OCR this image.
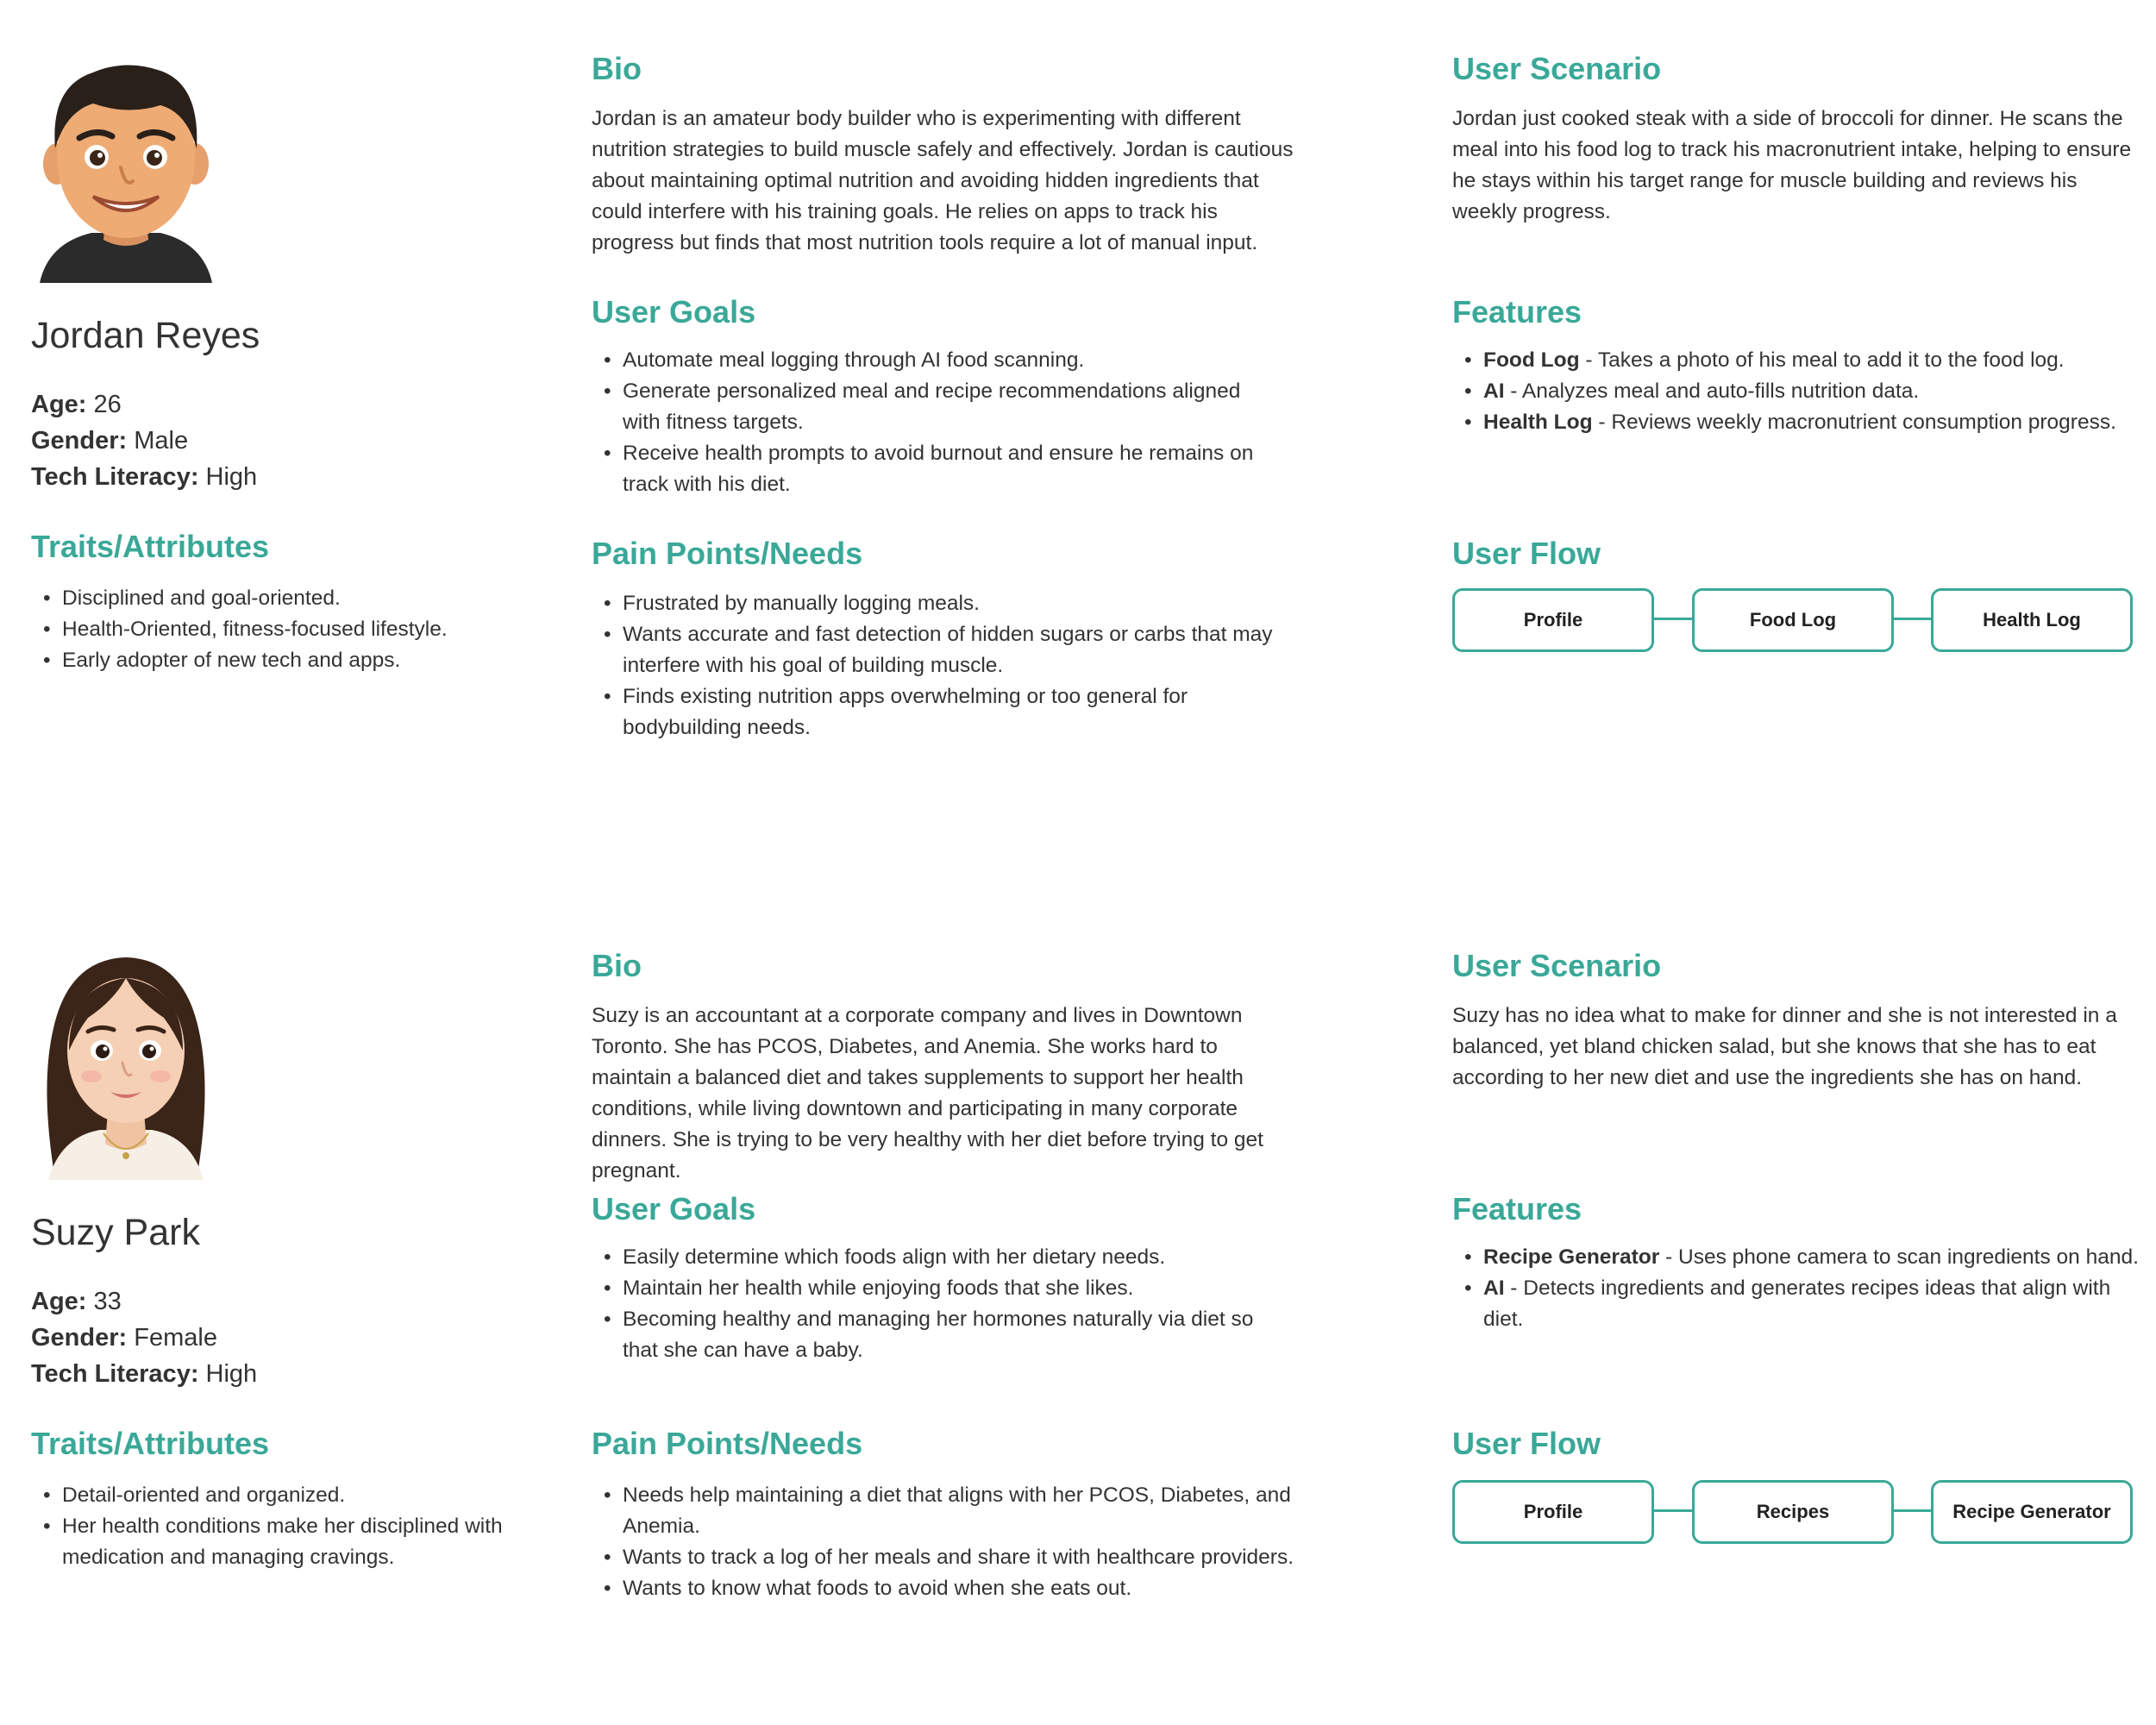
Jordan Reyes
Age: 26
Gender: Male
Tech Literacy: High
Traits/Attributes
• Disciplined and goal-oriented.
• Health-Oriented, fitness-focused lifestyle.
• Early adopter of new tech and apps.
Bio

Jordan is an amateur body builder who is experimenting with different nutrition strategies to build muscle safely and effectively. Jordan is cautious about maintaining optimal nutrition and avoiding hidden ingredients that could interfere with his training goals. He relies on apps to track his progress but finds that most nutrition tools require a lot of manual input.

User Goals
• Automate meal logging through AI food scanning.
• Generate personalized meal and recipe recommendations aligned with fitness targets.
• Receive health prompts to avoid burnout and ensure he remains on track with his diet.
Pain Points/Needs
• Frustrated by manually logging meals.
• Wants accurate and fast detection of hidden sugars or carbs that may interfere with his goal of building muscle.
• Finds existing nutrition apps overwhelming or too general for bodybuilding needs.
User Scenario

Jordan just cooked steak with a side of broccoli for dinner. He scans the meal into his food log to track his macronutrient intake, helping to ensure he stays within his target range for muscle building and reviews his weekly progress.

Features
• Food Log - Takes a photo of his meal to add it to the food log.
• AI - Analyzes meal and auto-fills nutrition data.
• Health Log - Reviews weekly macronutrient consumption progress.
User Flow
Profile	Food Log	Health Log
Suzy Park
Age: 33
Gender: Female
Tech Literacy: High
Traits/Attributes
• Detail-oriented and organized.
• Her health conditions make her disciplined with medication and managing cravings.
Bio

Suzy is an accountant at a corporate company and lives in Downtown Toronto. She has PCOS, Diabetes, and Anemia. She works hard to maintain a balanced diet and takes supplements to support her health conditions, while living downtown and participating in many corporate dinners. She is trying to be very healthy with her diet before trying to get pregnant.

User Goals
• Easily determine which foods align with her dietary needs.
• Maintain her health while enjoying foods that she likes.
• Becoming healthy and managing her hormones naturally via diet so that she can have a baby.
Pain Points/Needs
• Needs help maintaining a diet that aligns with her PCOS, Diabetes, and Anemia.
• Wants to track a log of her meals and share it with healthcare providers.
• Wants to know what foods to avoid when she eats out.
User Scenario

Suzy has no idea what to make for dinner and she is not interested in a balanced, yet bland chicken salad, but she knows that she has to eat according to her new diet and use the ingredients she has on hand.

Features
• Recipe Generator - Uses phone camera to scan ingredients on hand.
• AI - Detects ingredients and generates recipes ideas that align with diet.
User Flow
Profile	Recipes	Recipe Generator
